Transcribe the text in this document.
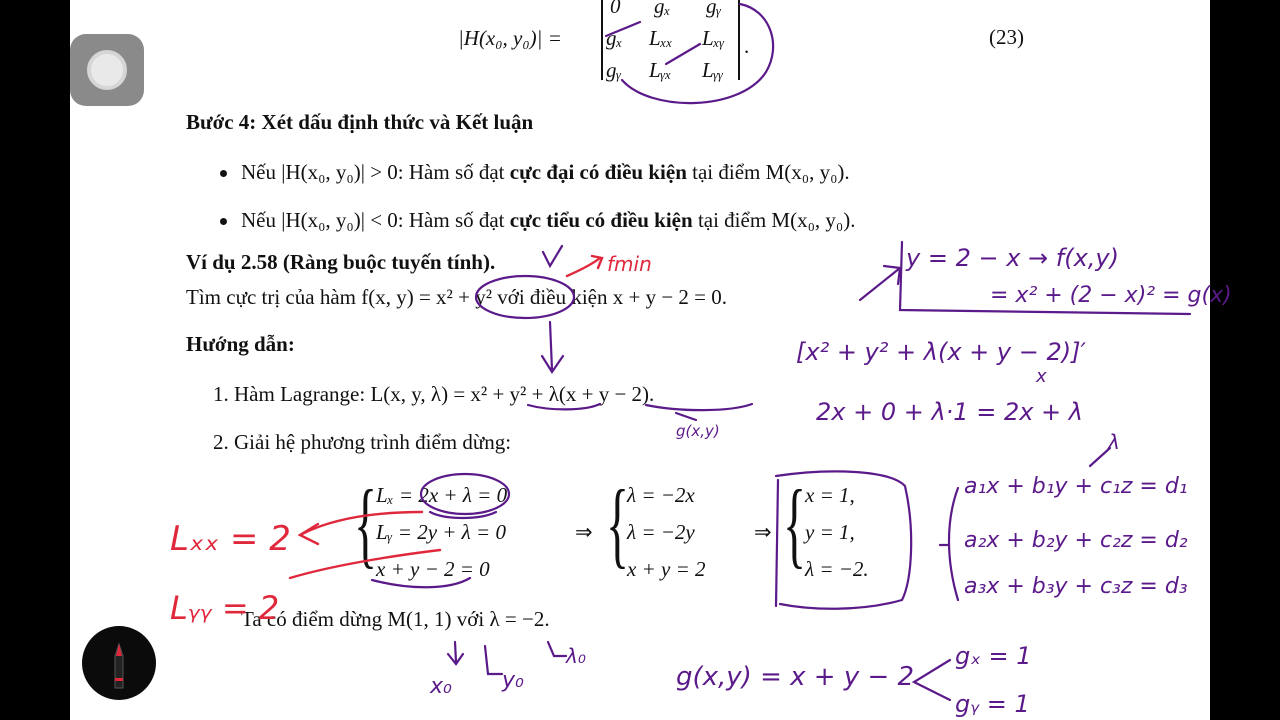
|H(x₀, y₀)| =
0 gₓ gᵧ
gₓ Lₓₓ Lₓᵧ
gᵧ Lᵧₓ Lᵧᵧ
.	(23)
Bước 4: Xét dấu định thức và Kết luận
Nếu |H(x₀, y₀)| > 0: Hàm số đạt cực đại có điều kiện tại điểm M(x₀, y₀).
Nếu |H(x₀, y₀)| < 0: Hàm số đạt cực tiểu có điều kiện tại điểm M(x₀, y₀).
Ví dụ 2.58 (Ràng buộc tuyến tính).
Tìm cực trị của hàm f(x, y) = x² + y² với điều kiện x + y − 2 = 0.
Hướng dẫn:
1. Hàm Lagrange: L(x, y, λ) = x² + y² + λ(x + y − 2).
2. Giải hệ phương trình điểm dừng:
{
Lₓ = 2x + λ = 0
Lᵧ = 2y + λ = 0
x + y − 2 = 0
⇒ {
λ = −2x
λ = −2y
x + y = 2
⇒ {
x = 1,
y = 1,
λ = −2.
Ta có điểm dừng M(1, 1) với λ = −2.
fmin	y = 2 − x → f(x,y)
= x² + (2 − x)² = g(x)
[x² + y² + λ(x + y − 2)]′
x
2x + 0 + λ·1 = 2x + λ
g(x,y)	λ
a₁x + b₁y + c₁z = d₁
a₂x + b₂y + c₂z = d₂
a₃x + b₃y + c₃z = d₃
Lₓₓ = 2
Lᵧᵧ = 2
x₀ y₀
λ₀
g(x,y) = x + y − 2
gₓ = 1
gᵧ = 1
